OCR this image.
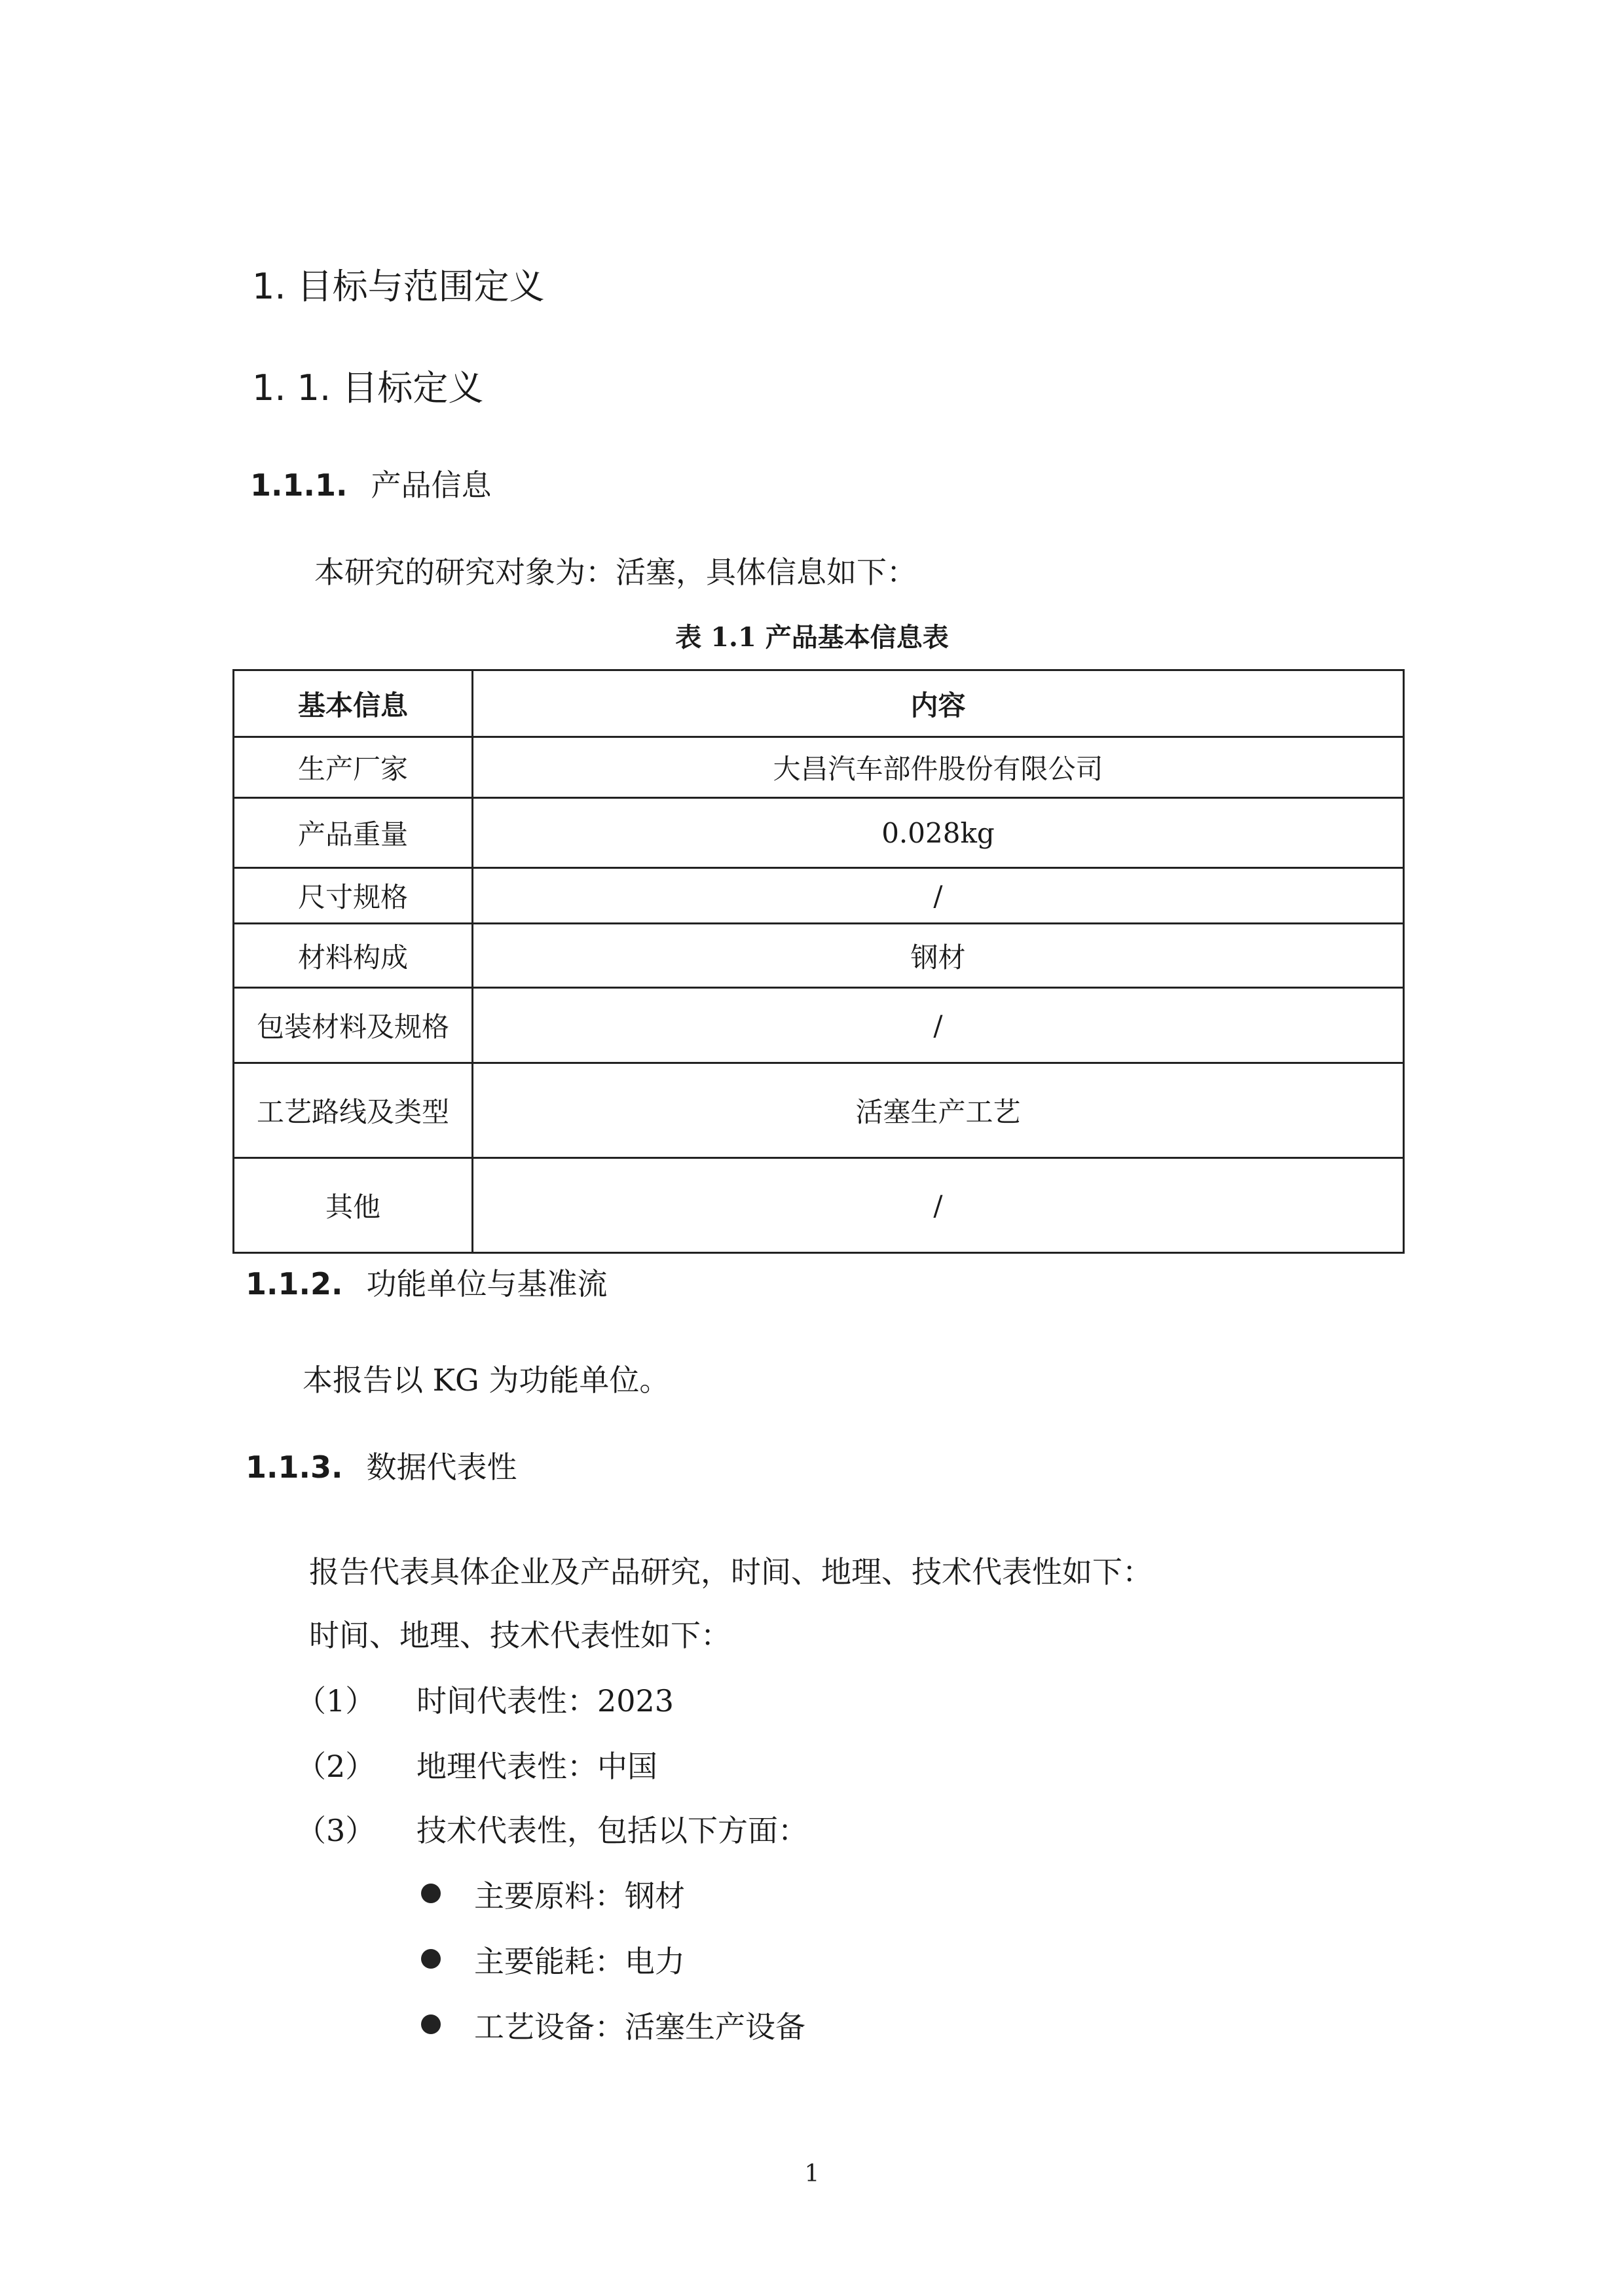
1. 目标与范围定义
1. 1. 目标定义
1.1.1. 产品信息
本研究的研究对象为：活塞，具体信息如下：
表 1.1 产品基本信息表
基本信息	内容
生产厂家	大昌汽车部件股份有限公司
产品重量	0.028kg
尺寸规格	/
材料构成	钢材
包装材料及规格	/
工艺路线及类型	活塞生产工艺
其他	/
1.1.2. 功能单位与基准流
本报告以 KG 为功能单位。
1.1.3. 数据代表性
报告代表具体企业及产品研究，时间、地理、技术代表性如下：
时间、地理、技术代表性如下：
（1） 时间代表性：2023
（2） 地理代表性：中国
（3） 技术代表性，包括以下方面：
主要原料：钢材
主要能耗：电力
工艺设备：活塞生产设备
1
